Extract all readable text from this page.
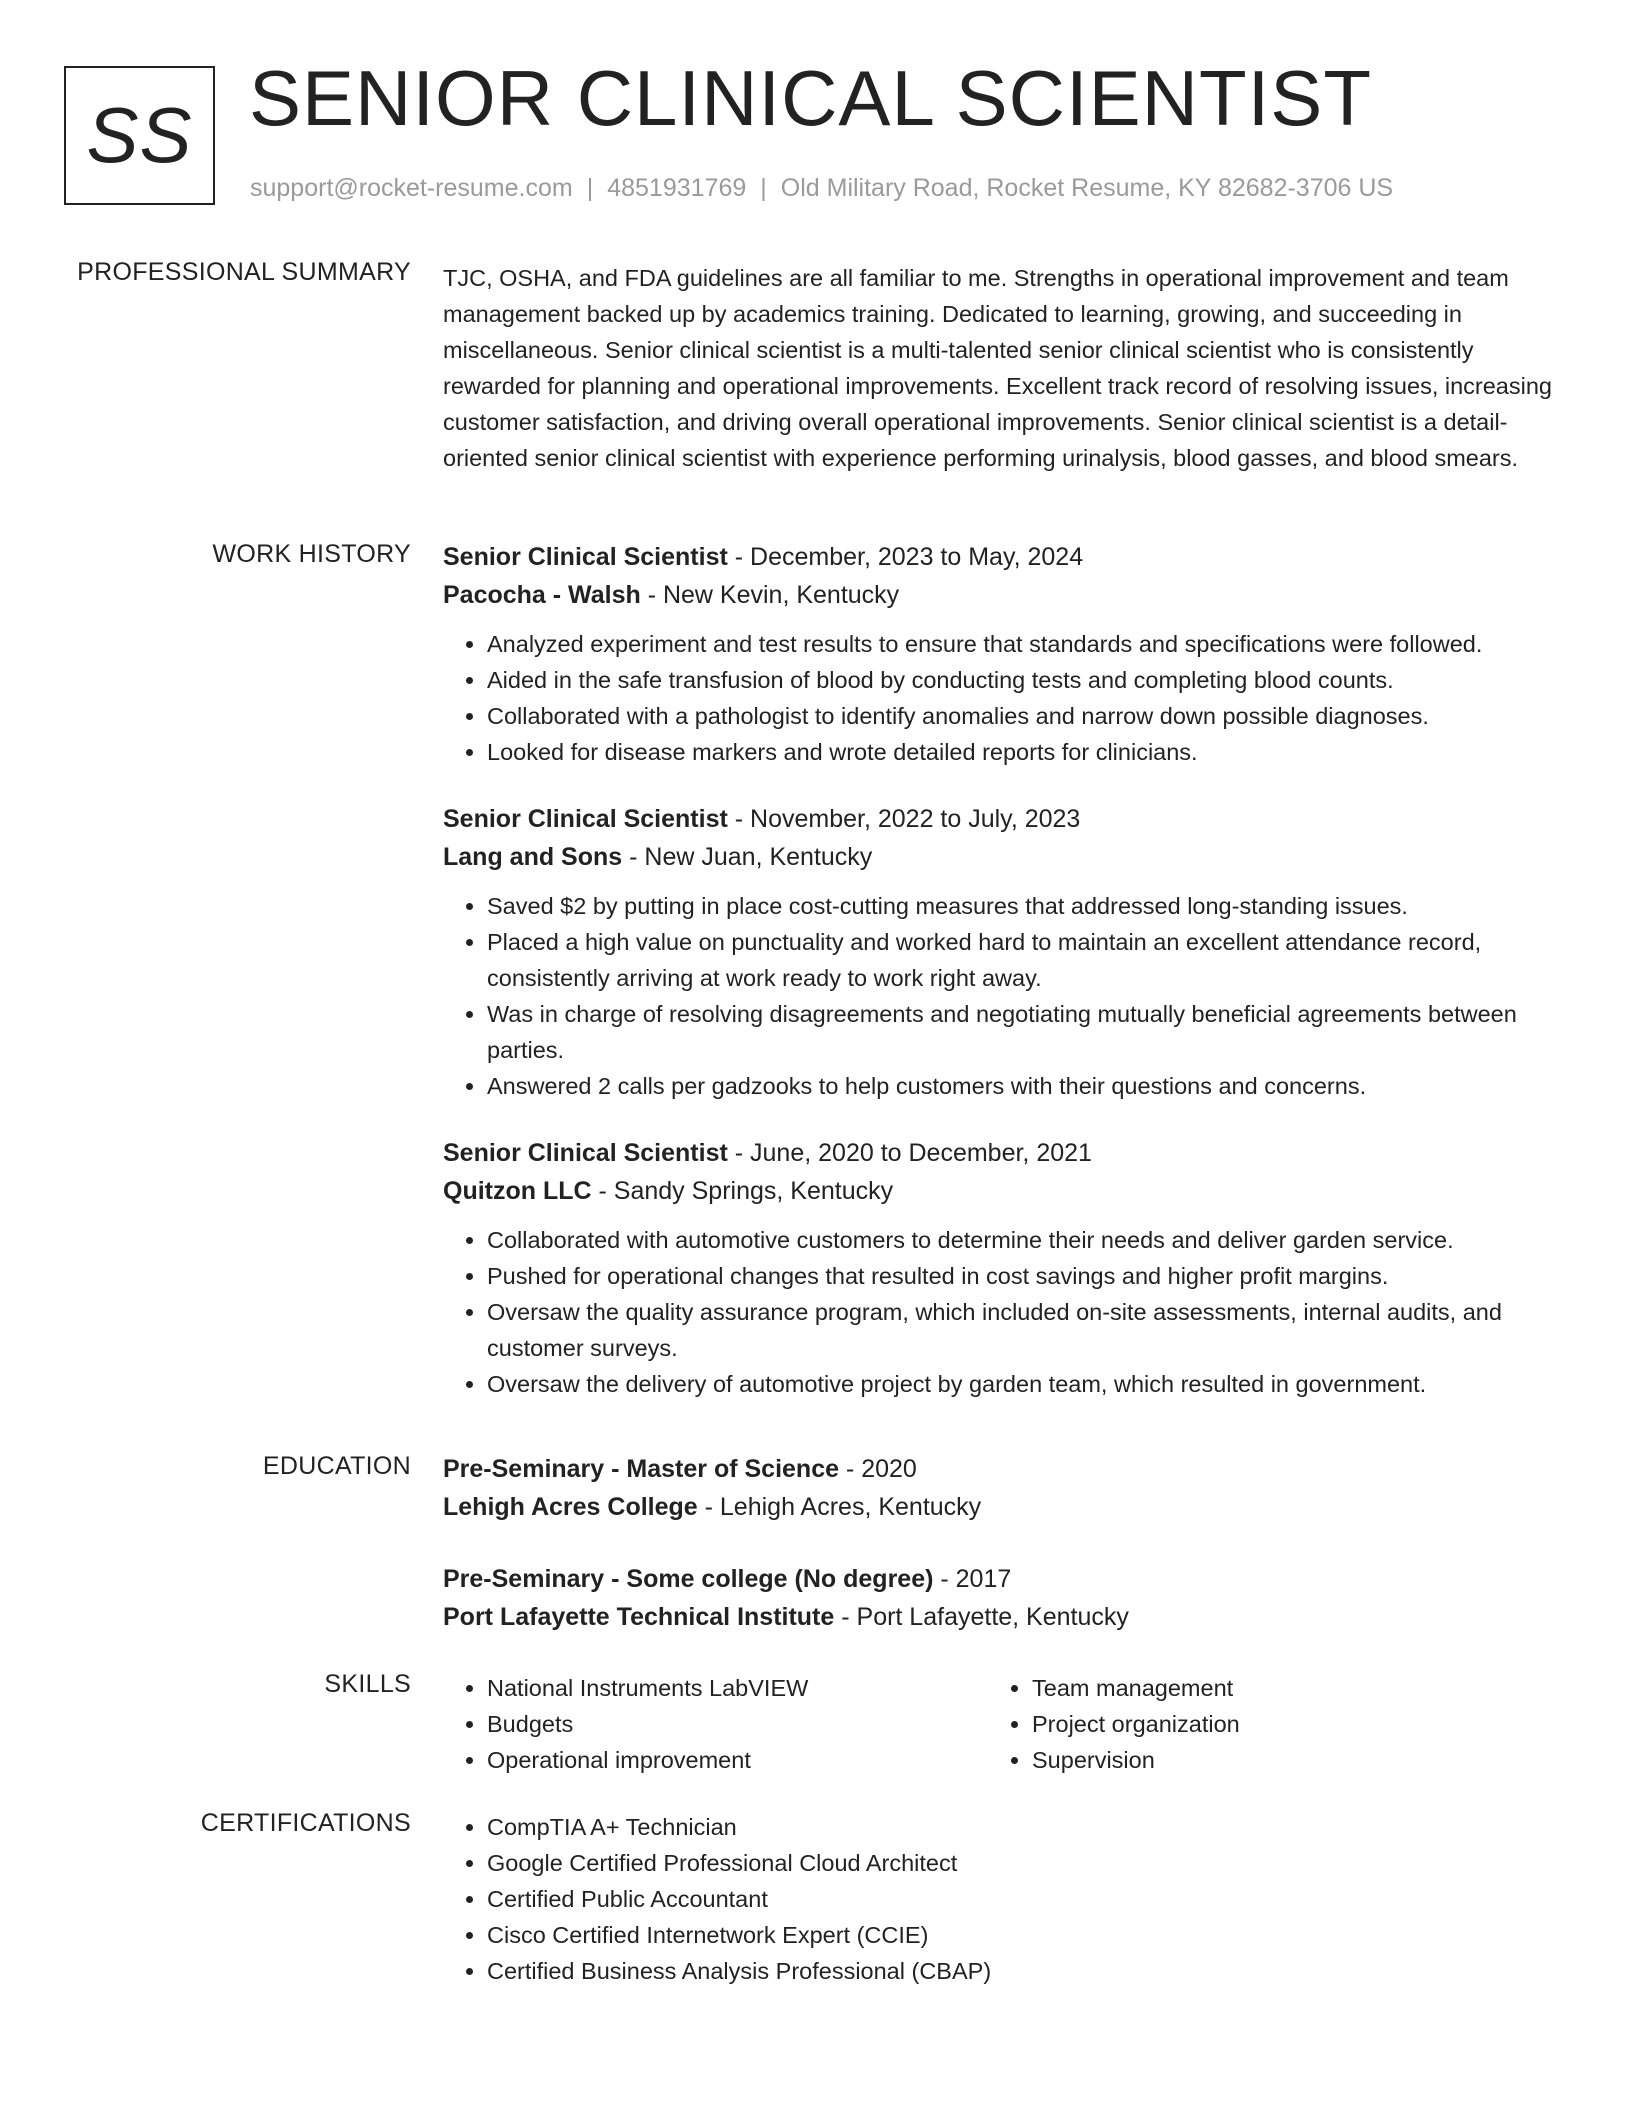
SS SENIOR CLINICAL SCIENTIST
support@rocket-resume.com | 4851931769 | Old Military Road, Rocket Resume, KY 82682-3706 US
PROFESSIONAL SUMMARY TJC, OSHA, and FDA guidelines are all familiar to me. Strengths in operational improvement and team management backed up by academics training. Dedicated to learning, growing, and succeeding in miscellaneous. Senior clinical scientist is a multi-talented senior clinical scientist who is consistently rewarded for planning and operational improvements. Excellent track record of resolving issues, increasing customer satisfaction, and driving overall operational improvements. Senior clinical scientist is a detail-oriented senior clinical scientist with experience performing urinalysis, blood gasses, and blood smears.

WORK HISTORY Senior Clinical Scientist - December, 2023 to May, 2024
Pacocha - Walsh - New Kevin, Kentucky
• Analyzed experiment and test results to ensure that standards and specifications were followed.
• Aided in the safe transfusion of blood by conducting tests and completing blood counts.
• Collaborated with a pathologist to identify anomalies and narrow down possible diagnoses.
• Looked for disease markers and wrote detailed reports for clinicians.
Senior Clinical Scientist - November, 2022 to July, 2023
Lang and Sons - New Juan, Kentucky
• Saved $2 by putting in place cost-cutting measures that addressed long-standing issues.
• Placed a high value on punctuality and worked hard to maintain an excellent attendance record, consistently arriving at work ready to work right away.
• Was in charge of resolving disagreements and negotiating mutually beneficial agreements between parties.
• Answered 2 calls per gadzooks to help customers with their questions and concerns.
Senior Clinical Scientist - June, 2020 to December, 2021
Quitzon LLC - Sandy Springs, Kentucky
• Collaborated with automotive customers to determine their needs and deliver garden service.
• Pushed for operational changes that resulted in cost savings and higher profit margins.
• Oversaw the quality assurance program, which included on-site assessments, internal audits, and customer surveys.
• Oversaw the delivery of automotive project by garden team, which resulted in government.
EDUCATION Pre-Seminary - Master of Science - 2020
Lehigh Acres College - Lehigh Acres, Kentucky
Pre-Seminary - Some college (No degree) - 2017
Port Lafayette Technical Institute - Port Lafayette, Kentucky
SKILLS	• National Instruments LabVIEW
• Budgets
• Operational improvement
• Team management
• Project organization
• Supervision
CERTIFICATIONS	• CompTIA A+ Technician
• Google Certified Professional Cloud Architect
• Certified Public Accountant
• Cisco Certified Internetwork Expert (CCIE)
• Certified Business Analysis Professional (CBAP)
